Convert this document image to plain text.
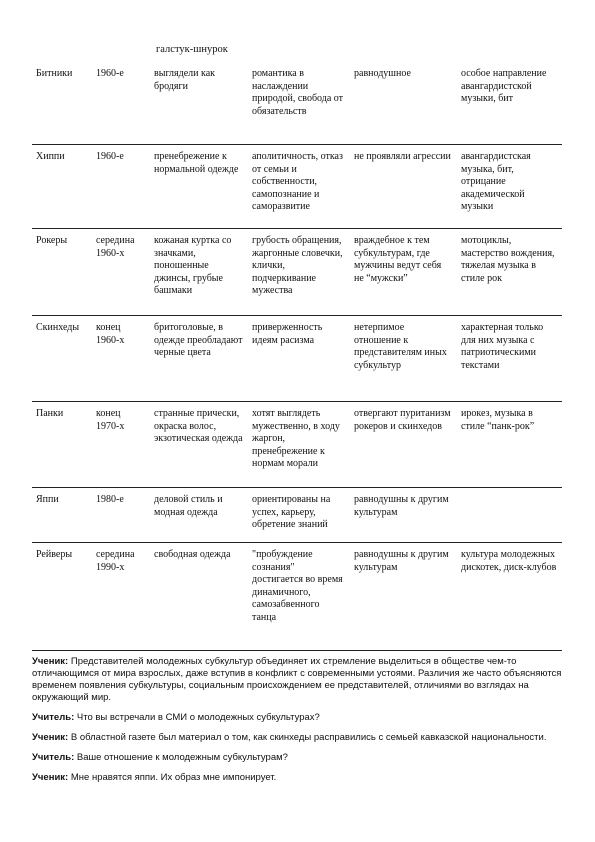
галстук-шнурок
Битники	1960-е	выглядели как бродяги	романтика в наслаждении природой, свобода от обязательств	равнодушное	особое направление авангардистской музыки, бит
Хиппи	1960-е	пренебрежение к нормальной одежде	аполитичность, отказ от семьи и собственности, самопознание и саморазвитие	не проявляли агрессии	авангардистская музыка, бит, отрицание академической музыки
Рокеры	середина 1960-х	кожаная куртка со значками, поношенные джинсы, грубые башмаки	грубость обращения, жаргонные словечки, клички, подчеркивание мужества	враждебное к тем субкультурам, где мужчины ведут себя не “мужски”	мотоциклы, мастерство вождения, тяжелая музыка в стиле рок
Скинхеды	конец 1960-х	бритоголовые, в одежде преобладают черные цвета	приверженность идеям расизма	нетерпимое отношение к представителям иных субкультур	характерная только для них музыка с патриотическими текстами
Панки	конец 1970-х	странные прически, окраска волос, экзотическая одежда	хотят выглядеть мужественно, в ходу жаргон, пренебрежение к нормам морали	отвергают пуританизм рокеров и скинхедов	ирокез, музыка в стиле “панк-рок”
Яппи	1980-е	деловой стиль и модная одежда	ориентированы на успех, карьеру, обретение знаний	равнодушны к другим культурам	
Рейверы	середина 1990-х	свободная одежда	"пробуждение сознания" достигается во время динамичного, самозабвенного танца	равнодушны к другим культурам	культура молодежных дискотек, диск-клубов

Ученик: Представителей молодежных субкультур объединяет их стремление выделиться в обществе чем-то отличающимся от мира взрослых, даже вступив в конфликт с современными устоями. Различия же часто объясняются временем появления субкультуры, социальным происхождением ее представителей, отличиями во взглядах на окружающий мир.

Учитель: Что вы встречали в СМИ о молодежных субкультурах?

Ученик: В областной газете был материал о том, как скинхеды расправились с семьей кавказской национальности.

Учитель: Ваше отношение к молодежным субкультурам?

Ученик: Мне нравятся яппи. Их образ мне импонирует.
